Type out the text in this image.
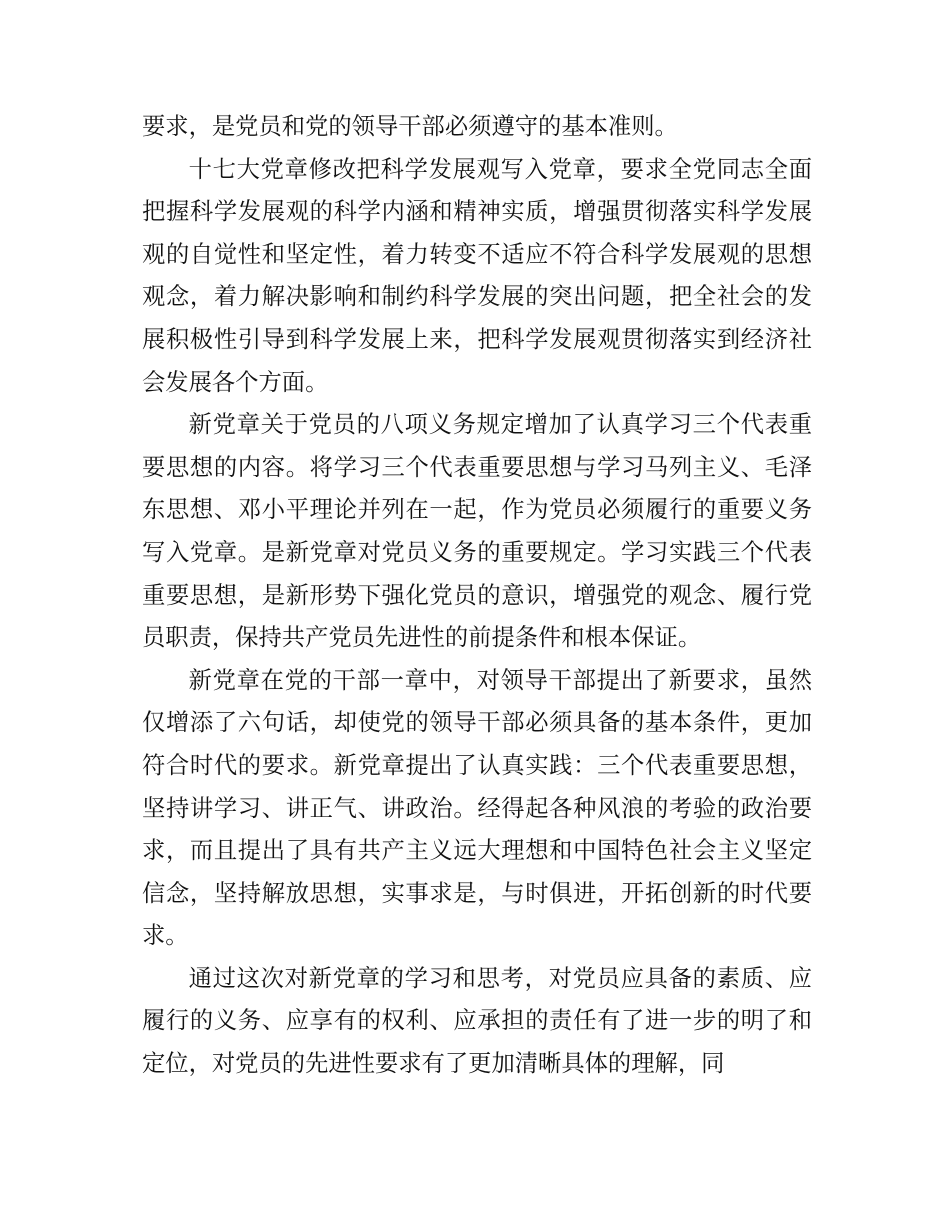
要求，是党员和党的领导干部必须遵守的基本准则。

十七大党章修改把科学发展观写入党章，要求全党同志全面把握科学发展观的科学内涵和精神实质，增强贯彻落实科学发展观的自觉性和坚定性，着力转变不适应不符合科学发展观的思想观念，着力解决影响和制约科学发展的突出问题，把全社会的发展积极性引导到科学发展上来，把科学发展观贯彻落实到经济社会发展各个方面。

新党章关于党员的八项义务规定增加了认真学习三个代表重要思想的内容。将学习三个代表重要思想与学习马列主义、毛泽东思想、邓小平理论并列在一起，作为党员必须履行的重要义务写入党章。是新党章对党员义务的重要规定。学习实践三个代表重要思想，是新形势下强化党员的意识，增强党的观念、履行党员职责，保持共产党员先进性的前提条件和根本保证。

新党章在党的干部一章中，对领导干部提出了新要求，虽然仅增添了六句话，却使党的领导干部必须具备的基本条件，更加符合时代的要求。新党章提出了认真实践：三个代表重要思想，坚持讲学习、讲正气、讲政治。经得起各种风浪的考验的政治要求，而且提出了具有共产主义远大理想和中国特色社会主义坚定信念，坚持解放思想，实事求是，与时俱进，开拓创新的时代要求。

通过这次对新党章的学习和思考，对党员应具备的素质、应履行的义务、应享有的权利、应承担的责任有了进一步的明了和定位，对党员的先进性要求有了更加清晰具体的理解，同
